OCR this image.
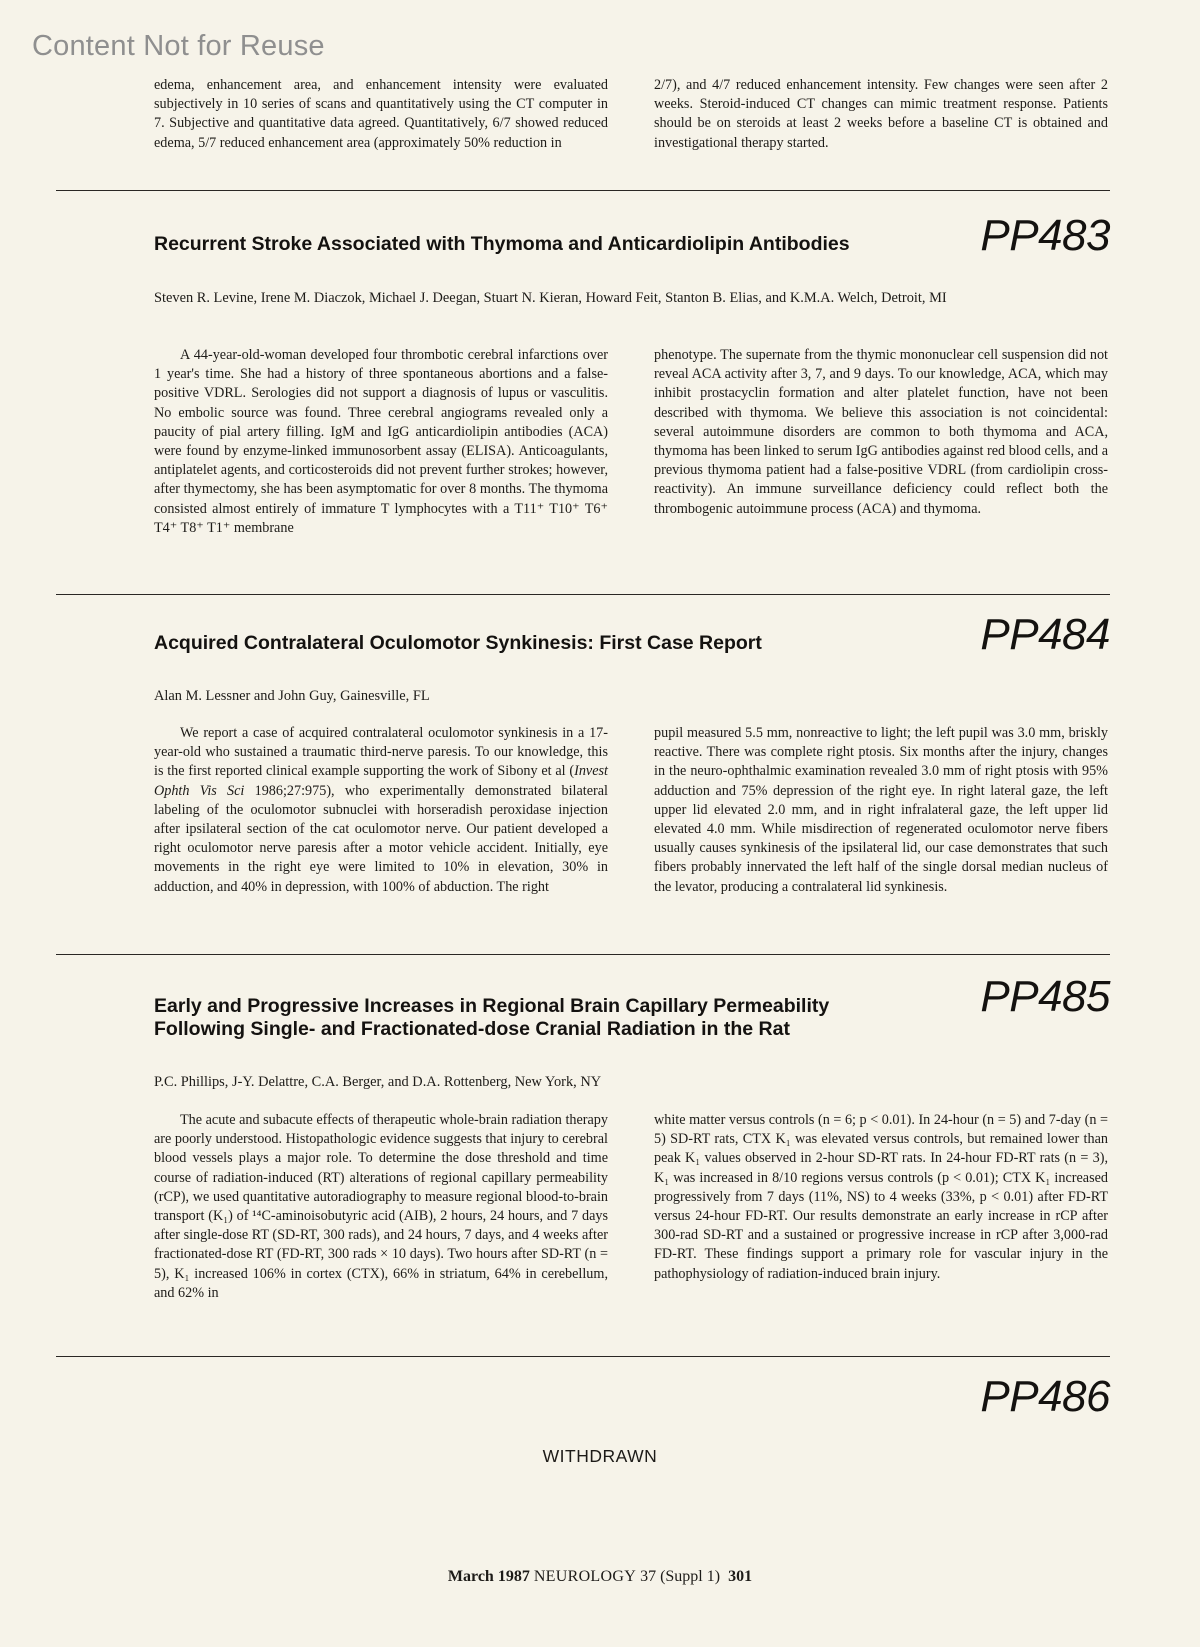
Content Not for Reuse
edema, enhancement area, and enhancement intensity were evaluated subjectively in 10 series of scans and quantitatively using the CT computer in 7. Subjective and quantitative data agreed. Quantitatively, 6/7 showed reduced edema, 5/7 reduced enhancement area (approximately 50% reduction in
2/7), and 4/7 reduced enhancement intensity. Few changes were seen after 2 weeks. Steroid-induced CT changes can mimic treatment response. Patients should be on steroids at least 2 weeks before a baseline CT is obtained and investigational therapy started.
Recurrent Stroke Associated with Thymoma and Anticardiolipin Antibodies	PP483
Steven R. Levine, Irene M. Diaczok, Michael J. Deegan, Stuart N. Kieran, Howard Feit, Stanton B. Elias, and K.M.A. Welch, Detroit, MI
A 44-year-old-woman developed four thrombotic cerebral infarctions over 1 year's time. She had a history of three spontaneous abortions and a false-positive VDRL. Serologies did not support a diagnosis of lupus or vasculitis. No embolic source was found. Three cerebral angiograms revealed only a paucity of pial artery filling. IgM and IgG anticardiolipin antibodies (ACA) were found by enzyme-linked immunosorbent assay (ELISA). Anticoagulants, antiplatelet agents, and corticosteroids did not prevent further strokes; however, after thymectomy, she has been asymptomatic for over 8 months. The thymoma consisted almost entirely of immature T lymphocytes with a T11⁺ T10⁺ T6⁺ T4⁺ T8⁺ T1⁺ membrane
phenotype. The supernate from the thymic mononuclear cell suspension did not reveal ACA activity after 3, 7, and 9 days. To our knowledge, ACA, which may inhibit prostacyclin formation and alter platelet function, have not been described with thymoma. We believe this association is not coincidental: several autoimmune disorders are common to both thymoma and ACA, thymoma has been linked to serum IgG antibodies against red blood cells, and a previous thymoma patient had a false-positive VDRL (from cardiolipin cross-reactivity). An immune surveillance deficiency could reflect both the thrombogenic autoimmune process (ACA) and thymoma.
Acquired Contralateral Oculomotor Synkinesis: First Case Report	PP484
Alan M. Lessner and John Guy, Gainesville, FL
We report a case of acquired contralateral oculomotor synkinesis in a 17-year-old who sustained a traumatic third-nerve paresis. To our knowledge, this is the first reported clinical example supporting the work of Sibony et al (Invest Ophth Vis Sci 1986;27:975), who experimentally demonstrated bilateral labeling of the oculomotor subnuclei with horseradish peroxidase injection after ipsilateral section of the cat oculomotor nerve. Our patient developed a right oculomotor nerve paresis after a motor vehicle accident. Initially, eye movements in the right eye were limited to 10% in elevation, 30% in adduction, and 40% in depression, with 100% of abduction. The right
pupil measured 5.5 mm, nonreactive to light; the left pupil was 3.0 mm, briskly reactive. There was complete right ptosis. Six months after the injury, changes in the neuro-ophthalmic examination revealed 3.0 mm of right ptosis with 95% adduction and 75% depression of the right eye. In right lateral gaze, the left upper lid elevated 2.0 mm, and in right infralateral gaze, the left upper lid elevated 4.0 mm. While misdirection of regenerated oculomotor nerve fibers usually causes synkinesis of the ipsilateral lid, our case demonstrates that such fibers probably innervated the left half of the single dorsal median nucleus of the levator, producing a contralateral lid synkinesis.
Early and Progressive Increases in Regional Brain Capillary Permeability Following Single- and Fractionated-dose Cranial Radiation in the Rat
PP485
P.C. Phillips, J-Y. Delattre, C.A. Berger, and D.A. Rottenberg, New York, NY
The acute and subacute effects of therapeutic whole-brain radiation therapy are poorly understood. Histopathologic evidence suggests that injury to cerebral blood vessels plays a major role. To determine the dose threshold and time course of radiation-induced (RT) alterations of regional capillary permeability (rCP), we used quantitative autoradiography to measure regional blood-to-brain transport (K₁) of ¹⁴C-aminoisobutyric acid (AIB), 2 hours, 24 hours, and 7 days after single-dose RT (SD-RT, 300 rads), and 24 hours, 7 days, and 4 weeks after fractionated-dose RT (FD-RT, 300 rads × 10 days). Two hours after SD-RT (n = 5), K₁ increased 106% in cortex (CTX), 66% in striatum, 64% in cerebellum, and 62% in
white matter versus controls (n = 6; p < 0.01). In 24-hour (n = 5) and 7-day (n = 5) SD-RT rats, CTX K₁ was elevated versus controls, but remained lower than peak K₁ values observed in 2-hour SD-RT rats. In 24-hour FD-RT rats (n = 3), K₁ was increased in 8/10 regions versus controls (p < 0.01); CTX K₁ increased progressively from 7 days (11%, NS) to 4 weeks (33%, p < 0.01) after FD-RT versus 24-hour FD-RT. Our results demonstrate an early increase in rCP after 300-rad SD-RT and a sustained or progressive increase in rCP after 3,000-rad FD-RT. These findings support a primary role for vascular injury in the pathophysiology of radiation-induced brain injury.
PP486
WITHDRAWN
March 1987 NEUROLOGY 37 (Suppl 1) 301
